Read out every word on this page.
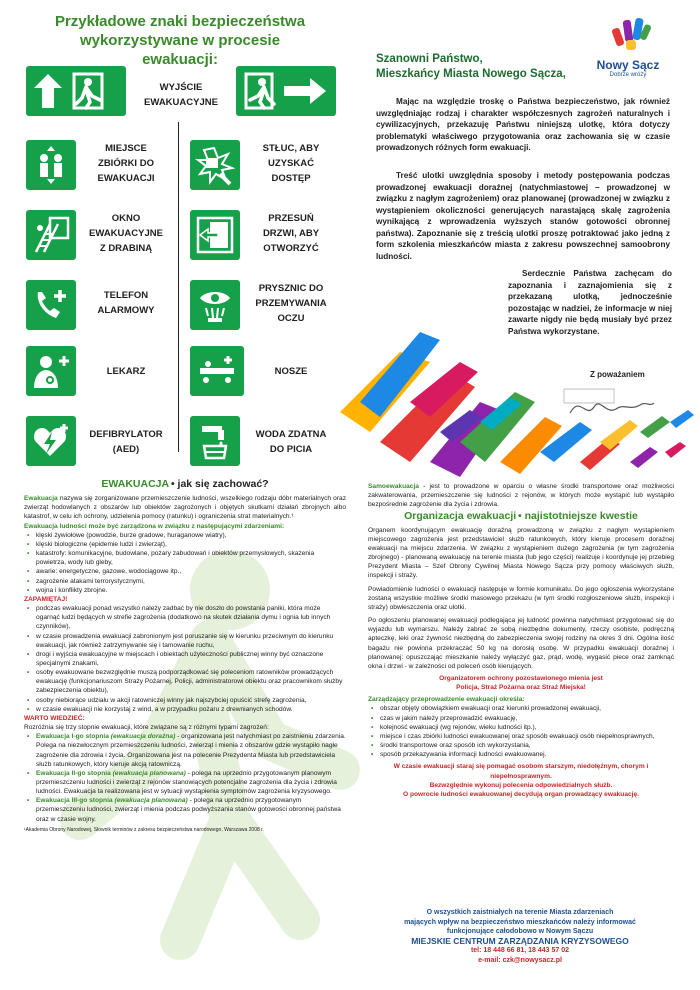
Przykładowe znaki bezpieczeństwa
wykorzystywane w procesie ewakuacji:
WYJŚCIE
EWAKUACYJNE
MIEJSCE
ZBIÓRKI DO
EWAKUACJI
OKNO
EWAKUACYJNE
Z DRABINĄ
TELEFON
ALARMOWY
LEKARZ
DEFIBRYLATOR
(AED)
STŁUC, ABY
UZYSKAĆ
DOSTĘP
PRZESUŃ
DRZWI, ABY
OTWORZYĆ
PRYSZNIC DO
PRZEMYWANIA
OCZU
NOSZE
WODA ZDATNA
DO PICIA
Nowy Sącz
Dobrze wróży
Szanowni Państwo,
Mieszkańcy Miasta Nowego Sącza,
Mając na względzie troskę o Państwa bezpieczeństwo, jak również uwzględniając rodzaj i charakter współczesnych zagrożeń naturalnych i cywilizacyjnych, przekazuję Państwu niniejszą ulotkę, która dotyczy problematyki właściwego przygotowania oraz zachowania się w czasie prowadzonych różnych form ewakuacji.
Treść ulotki uwzględnia sposoby i metody postępowania podczas prowadzonej ewakuacji doraźnej (natychmiastowej – prowadzonej w związku z nagłym zagrożeniem) oraz planowanej (prowadzonej w związku z wystąpieniem okoliczności generujących narastającą skalę zagrożenia wynikającą z wprowadzenia wyższych stanów gotowości obronnej państwa). Zapoznanie się z treścią ulotki proszę potraktować jako jedną z form szkolenia mieszkańców miasta z zakresu powszechnej samoobrony ludności.
Serdecznie Państwa zachęcam do zapoznania i zaznajomienia się z przekazaną ulotką, jednocześnie pozostając w nadziei, że informacje w niej zawarte nigdy nie będą musiały być przez Państwa wykorzystane.
Z poważaniem
EWAKUACJA • jak się zachować?
Ewakuacja nazywa się zorganizowane przemieszczenie ludności, wszelkiego rodzaju dóbr materialnych oraz zwierząt hodowlanych z obszarów lub obiektów zagrożonych i objętych skutkami działań zbrojnych albo katastrof, w celu ich ochrony, udzielenia pomocy (ratunku) i ograniczenia strat materialnych.¹
Ewakuacja ludności może być zarządzona w związku z następującymi zdarzeniami:
• klęski żywiołowe (powodzie, burze gradowe, huraganowe wiatry),
• klęski biologiczne (epidemie ludzi i zwierząt),
• katastrofy: komunikacyjne, budowlane, pożary zabudowań i obiektów przemysłowych, skażenia powietrza, wody lub gleby,
• awarie: energetyczne, gazowe, wodociągowe itp.,
• zagrożenie atakami terrorystycznymi,
• wojna i konflikty zbrojne.
ZAPAMIĘTAJ!
• podczas ewakuacji ponad wszystko należy zadbać by nie doszło do powstania paniki, która może ogarnąć ludzi będących w strefie zagrożenia (dodatkowo na skutek działania dymu i ognia lub innych czynników),
• w czasie prowadzenia ewakuacji zabronionym jest poruszanie się w kierunku przeciwnym do kierunku ewakuacji, jak również zatrzymywanie się i tamowanie ruchu,
• drogi i wyjścia ewakuacyjne w miejscach i obiektach użyteczności publicznej winny być oznaczone specjalnymi znakami,
• osoby ewakuowane bezwzględnie muszą podporządkować się poleceniom ratowników prowadzących ewakuację (funkcjonariuszom Straży Pożarnej, Policji, administratorowi obiektu oraz pracownikom służby zabezpieczenia obiektu),
• osoby niebiorące udziału w akcji ratowniczej winny jak najszybciej opuścić strefę zagrożenia,
• w czasie ewakuacji nie korzystaj z wind, a w przypadku pożaru z drewnianych schodów.
WARTO WIEDZIEĆ:
Rozróżnia się trzy stopnie ewakuacji, które związane są z różnymi typami zagrożeń:
• Ewakuacja I-go stopnia (ewakuacja doraźna) - organizowana jest natychmiast po zaistnieniu zdarzenia. Polega na niezwłocznym przemieszczeniu ludności, zwierząt i mienia z obszarów gdzie wystąpiło nagłe zagrożenie dla zdrowia i życia. Organizowana jest na polecenie Prezydenta Miasta lub przedstawiciela służb ratunkowych, który kieruje akcją ratowniczą.
• Ewakuacja II-go stopnia (ewakuacja planowana) - polega na uprzednio przygotowanym planowym przemieszczeniu ludności i zwierząt z rejonów stanowiących potencjalne zagrożenia dla życia i zdrowia ludności. Ewakuacja ta realizowana jest w sytuacji wystąpienia symptomów zagrożenia kryzysowego.
• Ewakuacja III-go stopnia (ewakuacja planowana) - polega na uprzednio przygotowanym przemieszczeniu ludności, zwierząt i mienia podczas podwyższania stanów gotowości obronnej państwa oraz w czasie wojny.
¹Akademia Obrony Narodowej, Słownik terminów z zakresu bezpieczeństwa narodowego, Warszawa 2008 r.
Samoewakuacja - jest to prowadzone w oparciu o własne środki transportowe oraz możliwości zakwaterowania, przemieszczenie się ludności z rejonów, w których może wystąpić lub wystąpiło bezpośrednie zagrożenie dla życia i zdrowia.
Organizacja ewakuacji • najistotniejsze kwestie
Organem koordynującym ewakuację doraźną prowadzoną w związku z nagłym wystąpieniem miejscowego zagrożenia jest przedstawiciel służb ratunkowych, który kieruje procesem doraźnej ewakuacji na miejscu zdarzenia. W związku z wystąpieniem dużego zagrożenia (w tym zagrożenia zbrojnego) - planowaną ewakuację na terenie miasta (lub jego części) realizuje i koordynuje jej przebieg Prezydent Miasta – Szef Obrony Cywilnej Miasta Nowego Sącza przy pomocy właściwych służb, inspekcji i straży.
Powiadomienie ludności o ewakuacji następuje w formie komunikatu. Do jego ogłoszenia wykorzystane zostaną wszystkie możliwe środki masowego przekazu (w tym środki rozgłoszeniowe służb, inspekcji i straży) obwieszczenia oraz ulotki.
Po ogłoszeniu planowanej ewakuacji podlegająca jej ludność powinna natychmiast przygotować się do wyjazdu lub wymarszu. Należy zabrać ze sobą niezbędne dokumenty, rzeczy osobiste, podręczną apteczkę, leki oraz żywność niezbędną do zabezpieczenia swojej rodziny na okres 3 dni. Ogólna ilość bagażu nie powinna przekraczać 50 kg na dorosłą osobę. W przypadku ewakuacji doraźnej i planowanej: opuszczając mieszkanie należy wyłączyć gaz, prąd, wodę, wygasić piece oraz zamknąć okna i drzwi - w zależności od poleceń osób kierujących.
Organizatorem ochrony pozostawionego mienia jest
Policja, Straż Pożarna oraz Straż Miejska!
Zarządzający przeprowadzenie ewakuacji określa:
• obszar objęty obowiązkiem ewakuacji oraz kierunki prowadzonej ewakuacji,
• czas w jakim należy przeprowadzić ewakuację,
• kolejność ewakuacji (wg rejonów, wieku ludności itp.),
• miejsce i czas zbiórki ludności ewakuowanej oraz sposób ewakuacji osób niepełnosprawnych,
• środki transportowe oraz sposób ich wykorzystania,
• sposób przekazywania informacji ludności ewakuowanej.
W czasie ewakuacji staraj się pomagać osobom starszym, niedołężnym, chorym i niepełnosprawnym.
Bezwzględnie wykonuj polecenia odpowiedzialnych służb.
O powrocie ludności ewakuowanej decydują organ prowadzący ewakuację.
O wszystkich zaistniałych na terenie Miasta zdarzeniach
mających wpływ na bezpieczeństwo mieszkańców należy informować
funkcjonujące całodobowo w Nowym Sączu
MIEJSKIE CENTRUM ZARZĄDZANIA KRYZYSOWEGO
tel: 18 448 66 81, 18 443 57 02
e-mail: czk@nowysacz.pl
